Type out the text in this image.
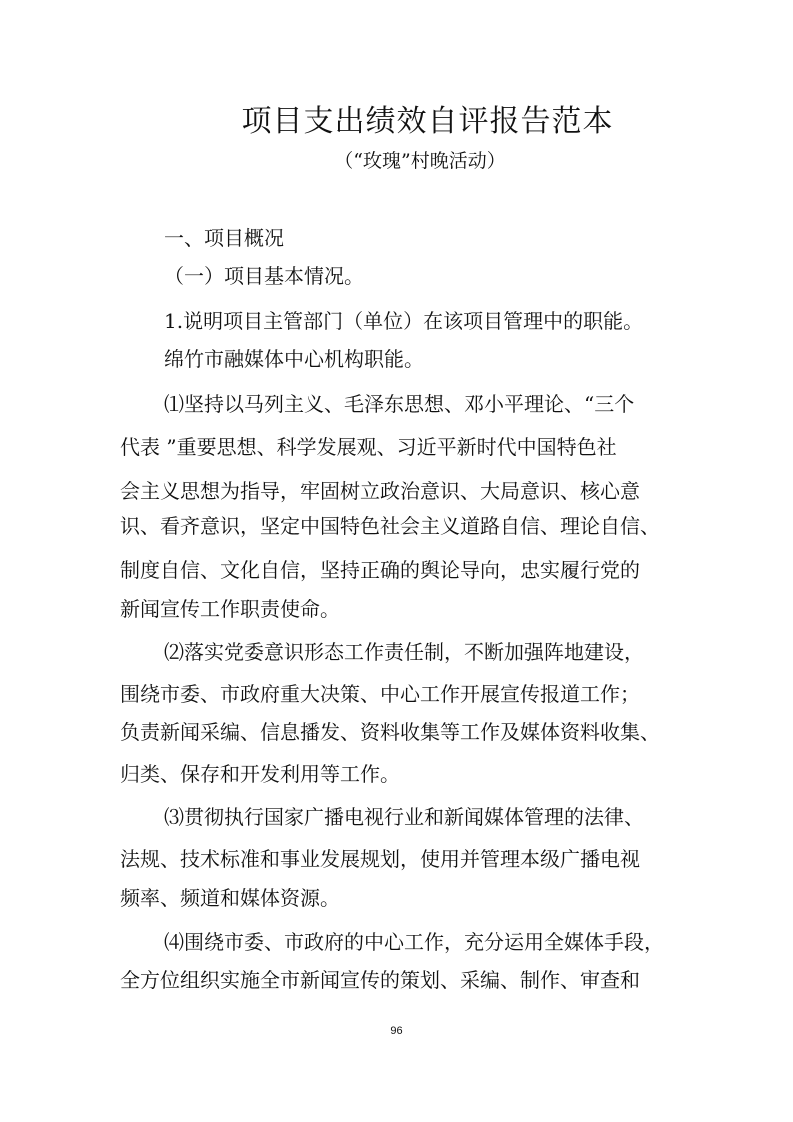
项目支出绩效自评报告范本
（“玫瑰”村晚活动）
一、项目概况
（一）项目基本情况。
1.说明项目主管部门（单位）在该项目管理中的职能。
绵竹市融媒体中心机构职能。
⑴坚持以马列主义、毛泽东思想、邓小平理论、“三个
代表 ”重要思想、科学发展观、习近平新时代中国特色社
会主义思想为指导，牢固树立政治意识、大局意识、核心意
识、看齐意识，坚定中国特色社会主义道路自信、理论自信、
制度自信、文化自信，坚持正确的舆论导向，忠实履行党的
新闻宣传工作职责使命。
⑵落实党委意识形态工作责任制，不断加强阵地建设，
围绕市委、市政府重大决策、中心工作开展宣传报道工作；
负责新闻采编、信息播发、资料收集等工作及媒体资料收集、
归类、保存和开发利用等工作。
⑶贯彻执行国家广播电视行业和新闻媒体管理的法律、
法规、技术标准和事业发展规划，使用并管理本级广播电视
频率、频道和媒体资源。
⑷围绕市委、市政府的中心工作，充分运用全媒体手段，
全方位组织实施全市新闻宣传的策划、采编、制作、审查和
96
